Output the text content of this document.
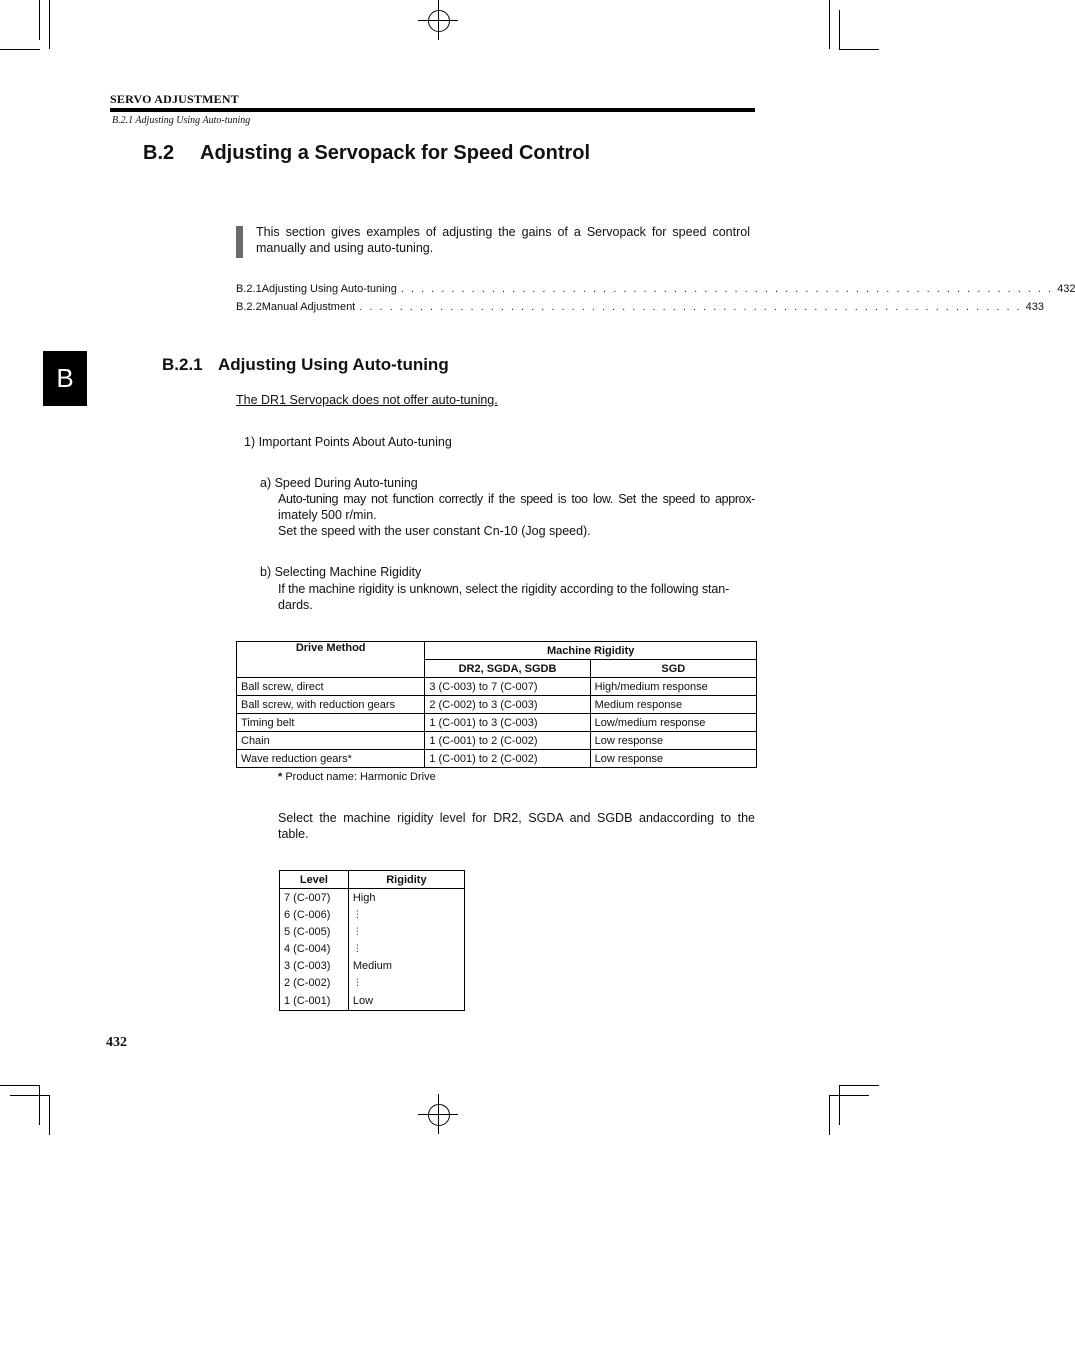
SERVO ADJUSTMENT
B.2.1 Adjusting Using Auto-tuning
B.2 Adjusting a Servopack for Speed Control
This section gives examples of adjusting the gains of a Servopack for speed control manually and using auto-tuning.
B.2.1 Adjusting Using Auto-tuning . . . . . . . . . . . . . . . . . . . . . . . . . . . . . . . . . . . . . . . . . . . . . . . . . . . . . . . . . . . . . . . . . 432
B.2.2 Manual Adjustment . . . . . . . . . . . . . . . . . . . . . . . . . . . . . . . . . . . . . . . . . . . . . . . . . . . . . . . . . . . . . . . . . . 433
B	B.2.1 Adjusting Using Auto-tuning
The DR1 Servopack does not offer auto-tuning.
1) Important Points About Auto-tuning
a) Speed During Auto-tuning
Auto-tuning may not function correctly if the speed is too low. Set the speed to approx-
imately 500 r/min.
Set the speed with the user constant Cn-10 (Jog speed).
b) Selecting Machine Rigidity
If the machine rigidity is unknown, select the rigidity according to the following stan-
dards.
Drive Method	Machine Rigidity	
	DR2, SGDA, SGDB	SGD
Ball screw, direct	3 (C-003) to 7 (C-007)	High/medium response
Ball screw, with reduction gears	2 (C-002) to 3 (C-003)	Medium response
Timing belt	1 (C-001) to 3 (C-003)	Low/medium response
Chain	1 (C-001) to 2 (C-002)	Low response
Wave reduction gears*	1 (C-001) to 2 (C-002)	Low response
* Product name: Harmonic Drive
Select the machine rigidity level for DR2, SGDA and SGDB andaccording to the
table.
Level	Rigidity
7 (C-007)	High
6 (C-006)	⋮
5 (C-005)	⋮
4 (C-004)	⋮
3 (C-003)	Medium
2 (C-002)	⋮
1 (C-001)	Low
432
